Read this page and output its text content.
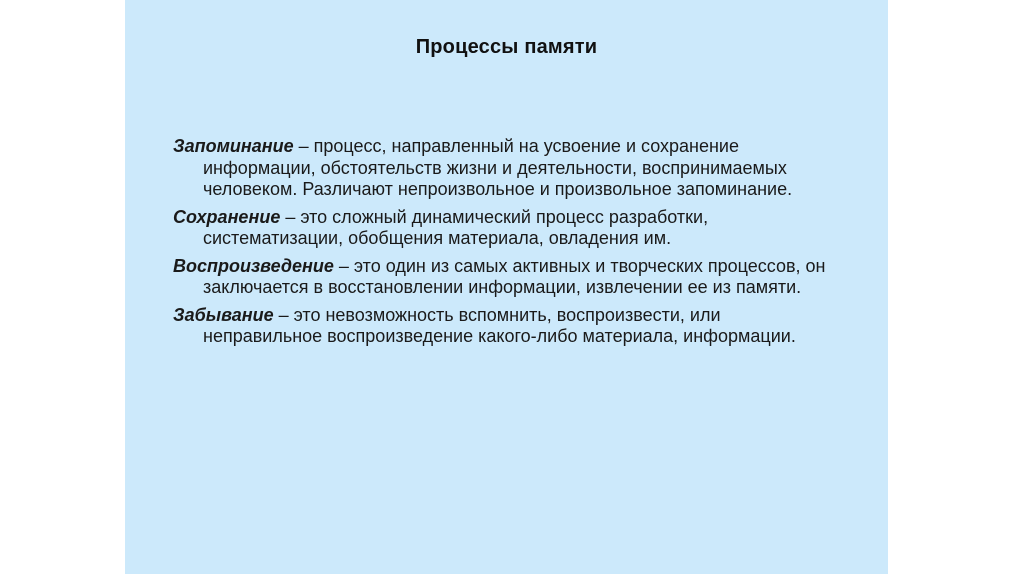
Процессы памяти

Запоминание – процесс, направленный на усвоение и сохранение информации, обстоятельств жизни и деятельности, воспринимаемых человеком. Различают непроизвольное и произвольное запоминание.

Сохранение – это сложный динамический процесс разработки, систематизации, обобщения материала, овладения им.

Воспроизведение – это один из самых активных и творческих процессов, он заключается в восстановлении информации, извлечении ее из памяти.

Забывание – это невозможность вспомнить, воспроизвести, или неправильное воспроизведение какого-либо материала, информации.
